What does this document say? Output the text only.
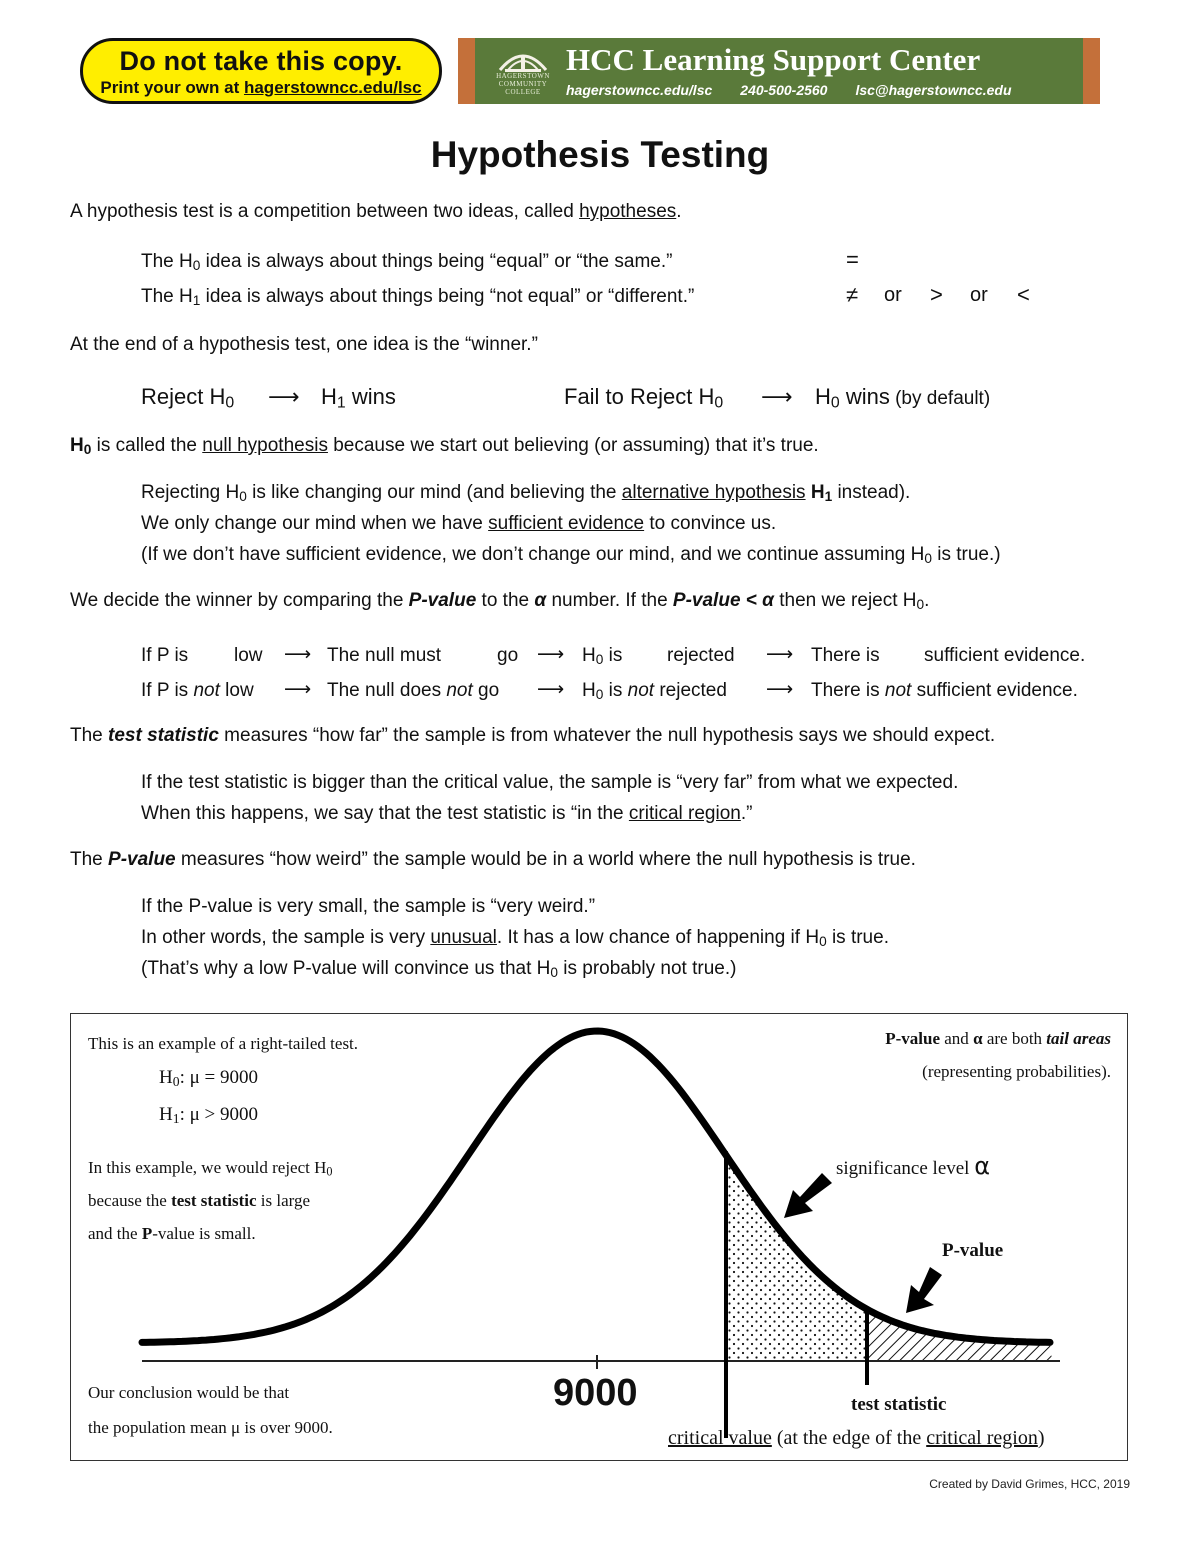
Do not take this copy.
Print your own at hagerstowncc.edu/lsc
HAGERSTOWN COMMUNITY COLLEGE
HCC Learning Support Center
hagerstowncc.edu/lsc 240-500-2560 lsc@hagerstowncc.edu
Hypothesis Testing
A hypothesis test is a competition between two ideas, called hypotheses.
The $H_0$ idea is always about things being “equal” or “the same.”	=
The $H_1$ idea is always about things being “not equal” or “different.”	≠ or > or <
At the end of a hypothesis test, one idea is the “winner.”
Reject $H_0$ ⟶ $H_1$ wins	Fail to Reject $H_0$ ⟶ $H_0$ wins (by default)
$H_0$ is called the null hypothesis because we start out believing (or assuming) that it’s true.
Rejecting $H_0$ is like changing our mind (and believing the alternative hypothesis $H_1$ instead).
We only change our mind when we have sufficient evidence to convince us.
(If we don’t have sufficient evidence, we don’t change our mind, and we continue assuming $H_0$ is true.)
We decide the winner by comparing the P-value to the α number. If the P-value < α then we reject $H_0$.
If P is low ⟶ The null must	go ⟶ $H_0$ is rejected ⟶ There is sufficient evidence.
If P is not low ⟶ The null does not go ⟶ $H_0$ is not rejected ⟶ There is not sufficient evidence.
The test statistic measures “how far” the sample is from whatever the null hypothesis says we should expect.
If the test statistic is bigger than the critical value, the sample is “very far” from what we expected.
When this happens, we say that the test statistic is “in the critical region.”
The P-value measures “how weird” the sample would be in a world where the null hypothesis is true.
If the P-value is very small, the sample is “very weird.”
In other words, the sample is very unusual. It has a low chance of happening if $H_0$ is true.
(That’s why a low P-value will convince us that $H_0$ is probably not true.)
This is an example of a right-tailed test.
$H_0$: μ = 9000
$H_1$: μ > 9000
In this example, we would reject $H_0$
because the test statistic is large
and the P-value is small.
P-value and α are both tail areas
(representing probabilities).
significance level α
P-value
9000	test statistic
critical value (at the edge of the critical region)
Our conclusion would be that
the population mean μ is over 9000.
Created by David Grimes, HCC, 2019
